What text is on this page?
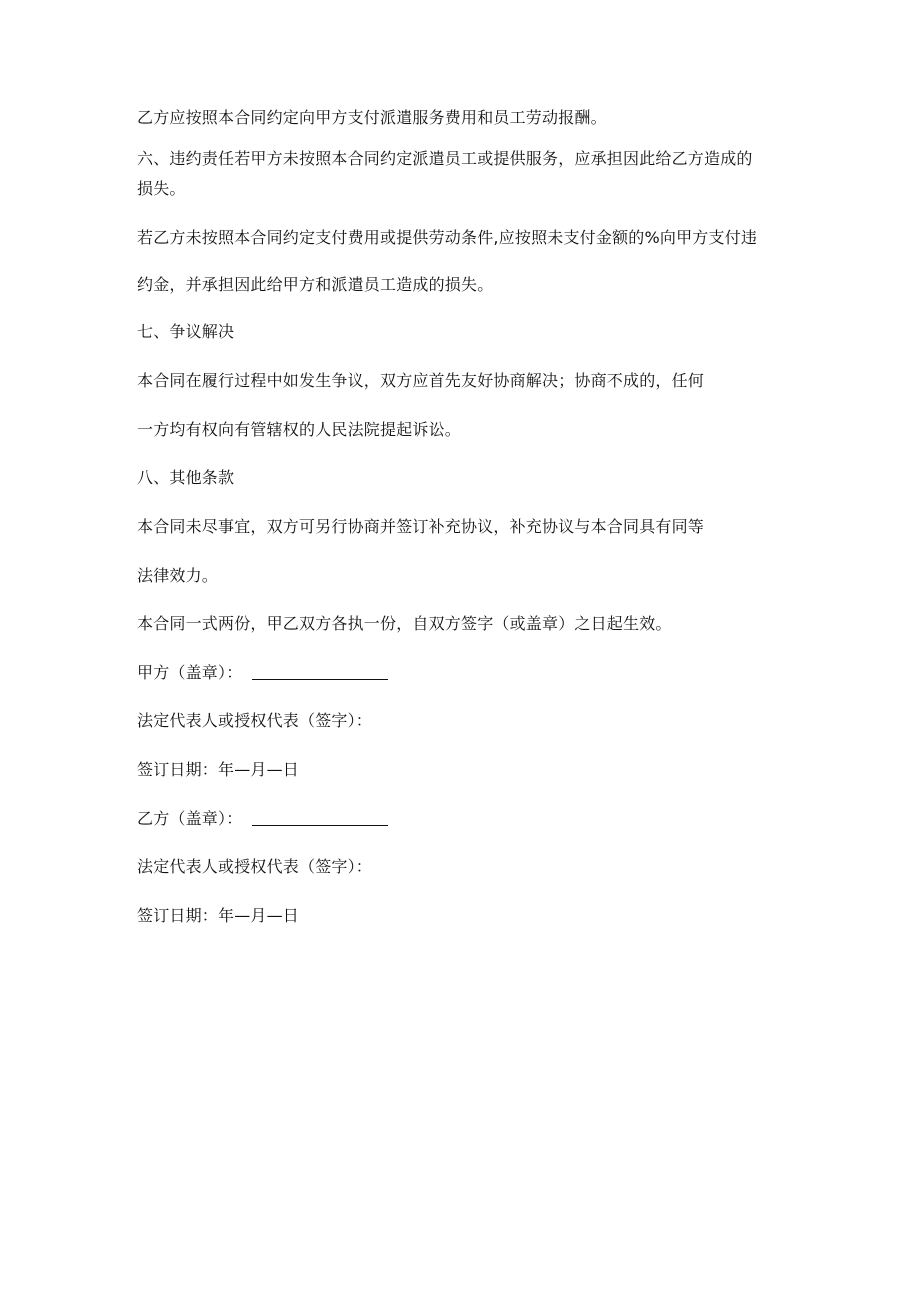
乙方应按照本合同约定向甲方支付派遣服务费用和员工劳动报酬。
六、违约责任若甲方未按照本合同约定派遣员工或提供服务，应承担因此给乙方造成的
损失。
若乙方未按照本合同约定支付费用或提供劳动条件,应按照未支付金额的%向甲方支付违
约金，并承担因此给甲方和派遣员工造成的损失。
七、争议解决
本合同在履行过程中如发生争议，双方应首先友好协商解决；协商不成的，任何
一方均有权向有管辖权的人民法院提起诉讼。
八、其他条款
本合同未尽事宜，双方可另行协商并签订补充协议，补充协议与本合同具有同等
法律效力。
本合同一式两份，甲乙双方各执一份，自双方签字（或盖章）之日起生效。
甲方（盖章）：
法定代表人或授权代表（签字）：
签订日期：年—月—日
乙方（盖章）：
法定代表人或授权代表（签字）：
签订日期：年—月—日
